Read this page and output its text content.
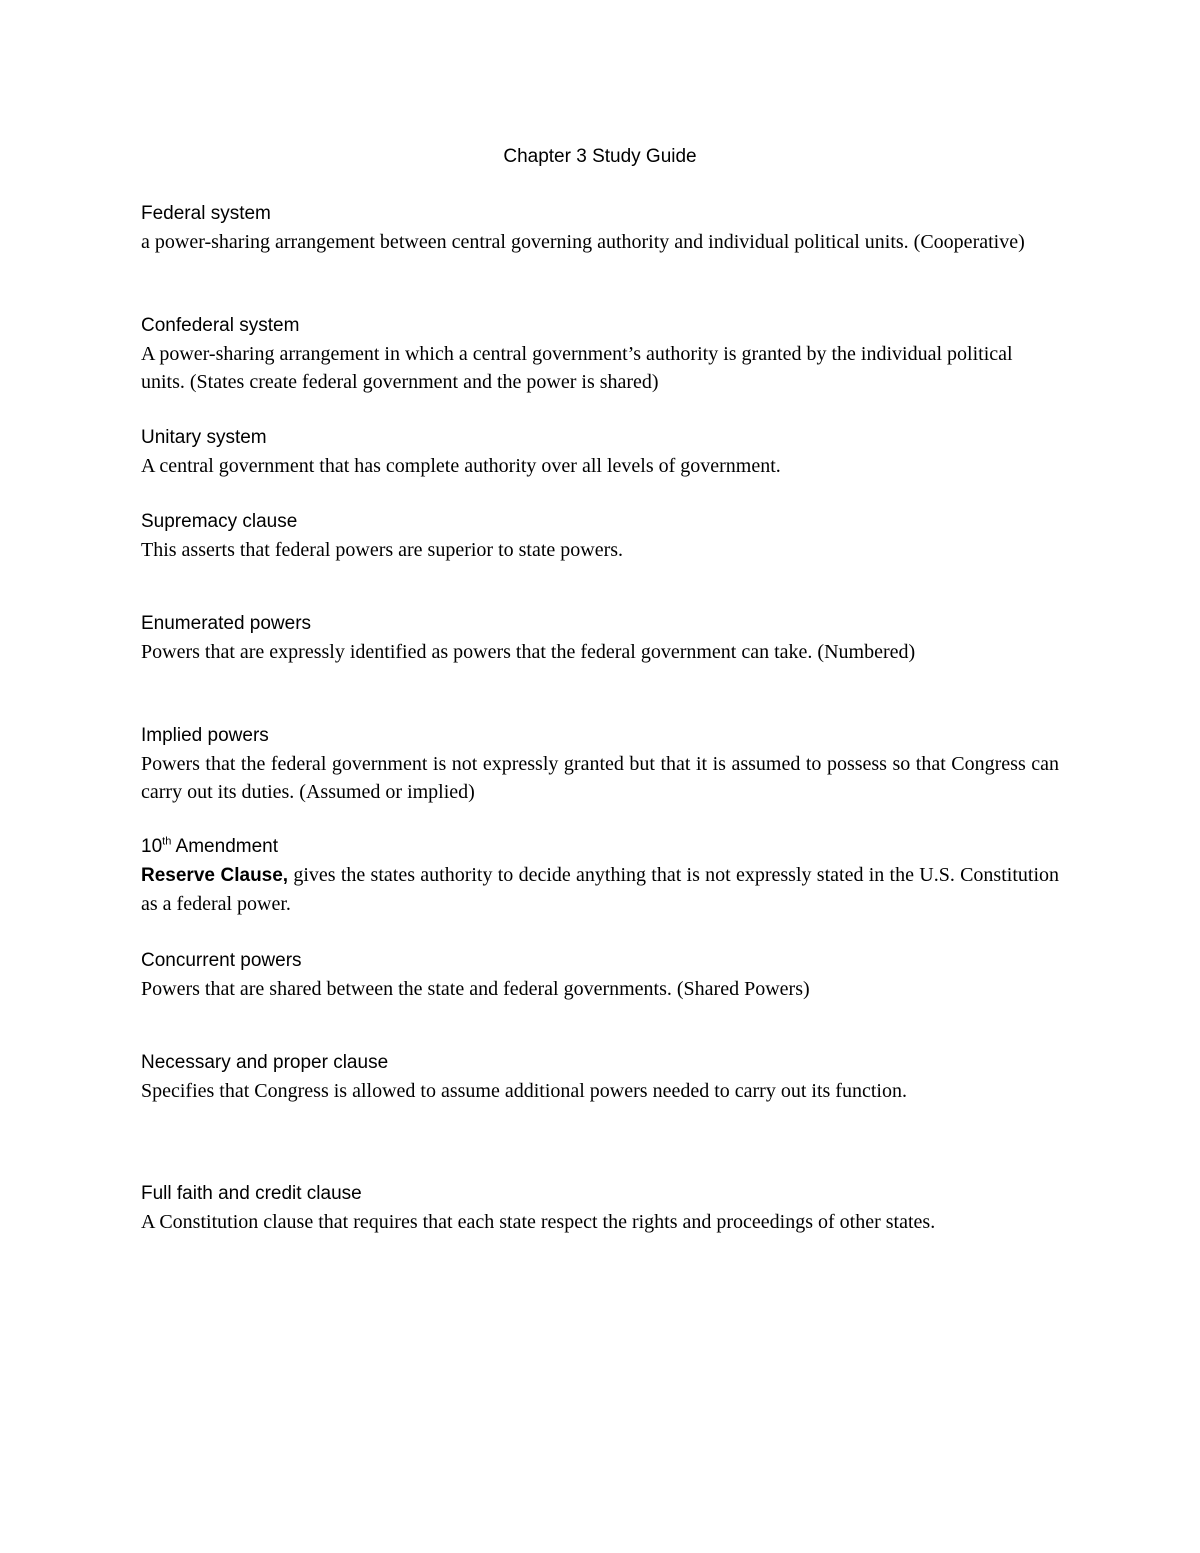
Chapter 3 Study Guide

Federal system

a power-sharing arrangement between central governing authority and individual political units. (Cooperative)

Confederal system

A power-sharing arrangement in which a central government’s authority is granted by the individual political units. (States create federal government and the power is shared)

Unitary system

A central government that has complete authority over all levels of government.

Supremacy clause

This asserts that federal powers are superior to state powers.

Enumerated powers

Powers that are expressly identified as powers that the federal government can take. (Numbered)

Implied powers

Powers that the federal government is not expressly granted but that it is assumed to possess so that Congress can carry out its duties. (Assumed or implied)

10th Amendment

Reserve Clause, gives the states authority to decide anything that is not expressly stated in the U.S. Constitution as a federal power.

Concurrent powers

Powers that are shared between the state and federal governments. (Shared Powers)

Necessary and proper clause

Specifies that Congress is allowed to assume additional powers needed to carry out its function.

Full faith and credit clause

A Constitution clause that requires that each state respect the rights and proceedings of other states.
